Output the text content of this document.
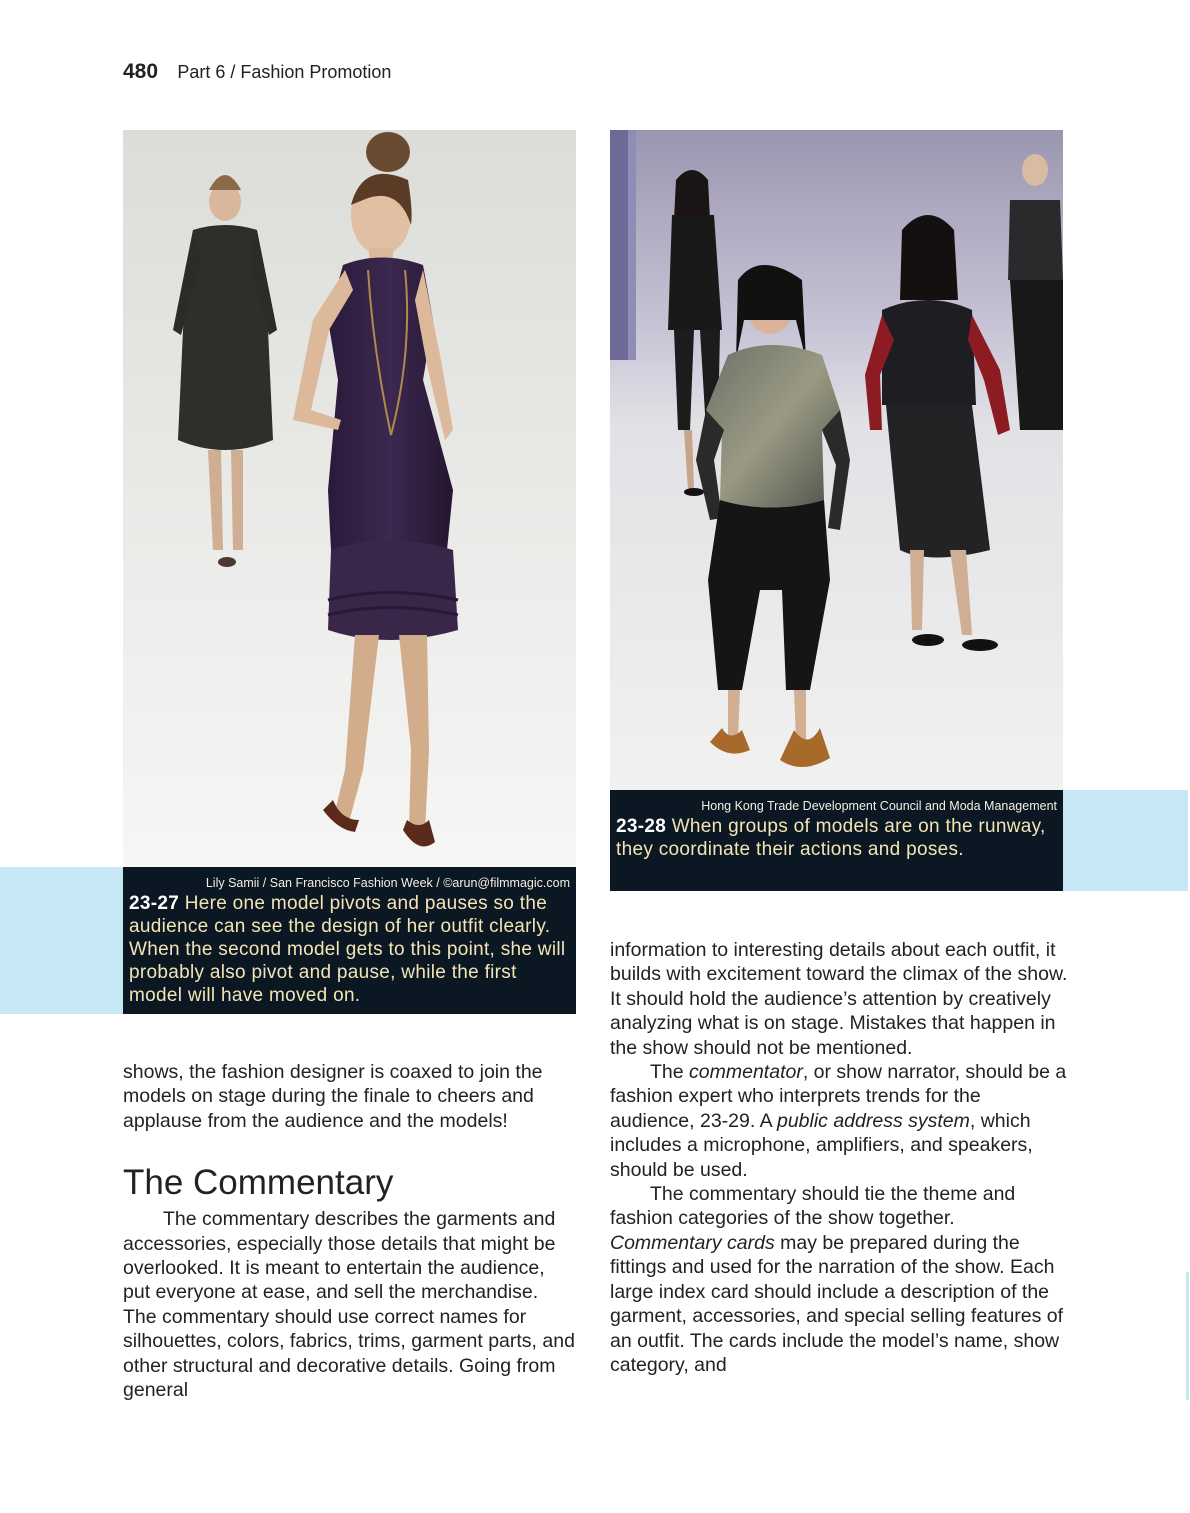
480 Part 6 / Fashion Promotion
Lily Samii / San Francisco Fashion Week / ©arun@filmmagic.com
23-27 Here one model pivots and pauses so the audience can see the design of her outfit clearly. When the second model gets to this point, she will probably also pivot and pause, while the first model will have moved on.
Hong Kong Trade Development Council and Moda Management
23-28 When groups of models are on the runway, they coordinate their actions and poses.

shows, the fashion designer is coaxed to join the models on stage during the finale to cheers and applause from the audience and the models!

The Commentary

The commentary describes the garments and accessories, especially those details that might be overlooked. It is meant to entertain the audience, put everyone at ease, and sell the merchandise. The commentary should use correct names for silhouettes, colors, fabrics, trims, garment parts, and other structural and decorative details. Going from general

information to interesting details about each outfit, it builds with excitement toward the climax of the show. It should hold the audience’s attention by creatively analyzing what is on stage. Mistakes that happen in the show should not be mentioned.

The commentator, or show narrator, should be a fashion expert who interprets trends for the audience, 23-29. A public address system, which includes a microphone, amplifiers, and speakers, should be used.

The commentary should tie the theme and fashion categories of the show together. Commentary cards may be prepared during the fittings and used for the narration of the show. Each large index card should include a description of the garment, accessories, and special selling features of an outfit. The cards include the model’s name, show category, and
